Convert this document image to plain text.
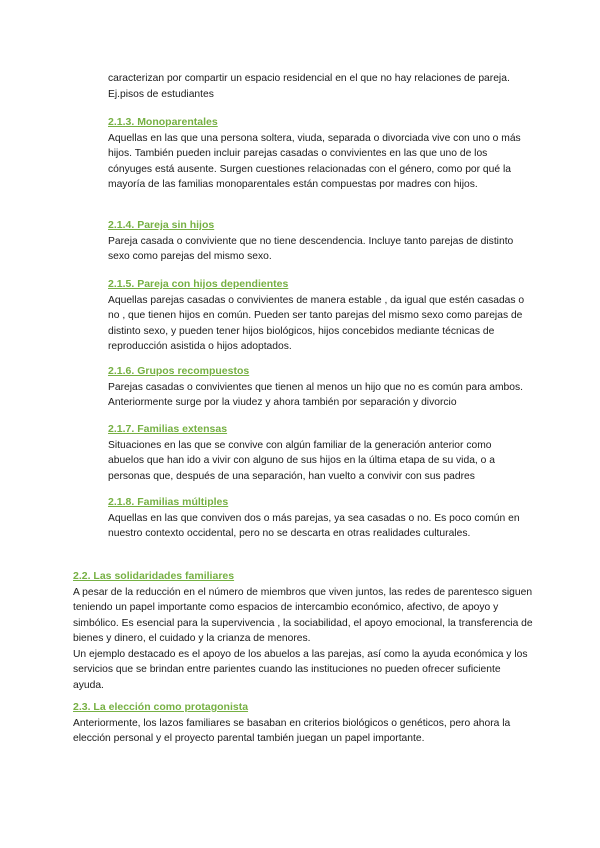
caracterizan por compartir un espacio residencial en el que no hay relaciones de pareja. Ej.pisos de estudiantes

2.1.3. Monoparentales

Aquellas en las que una persona soltera, viuda, separada o divorciada vive con uno o más hijos. También pueden incluir parejas casadas o convivientes en las que uno de los cónyuges está ausente. Surgen cuestiones relacionadas con el género, como por qué la mayoría de las familias monoparentales están compuestas por madres con hijos.

2.1.4. Pareja sin hijos

Pareja casada o conviviente que no tiene descendencia. Incluye tanto parejas de distinto sexo como parejas del mismo sexo.

2.1.5. Pareja con hijos dependientes

Aquellas parejas casadas o convivientes de manera estable , da igual que estén casadas o no , que tienen hijos en común. Pueden ser tanto parejas del mismo sexo como parejas de distinto sexo, y pueden tener hijos biológicos, hijos concebidos mediante técnicas de reproducción asistida o hijos adoptados.

2.1.6. Grupos recompuestos

Parejas casadas o convivientes que tienen al menos un hijo que no es común para ambos. Anteriormente surge por la viudez y ahora también por separación y divorcio

2.1.7. Familias extensas

Situaciones en las que se convive con algún familiar de la generación anterior como abuelos que han ido a vivir con alguno de sus hijos en la última etapa de su vida, o a personas que, después de una separación, han vuelto a convivir con sus padres

2.1.8. Familias múltiples

Aquellas en las que conviven dos o más parejas, ya sea casadas o no. Es poco común en nuestro contexto occidental, pero no se descarta en otras realidades culturales.

2.2. Las solidaridades familiares

A pesar de la reducción en el número de miembros que viven juntos, las redes de parentesco siguen teniendo un papel importante como espacios de intercambio económico, afectivo, de apoyo y simbólico. Es esencial para la supervivencia , la sociabilidad, el apoyo emocional, la transferencia de bienes y dinero, el cuidado y la crianza de menores.

Un ejemplo destacado es el apoyo de los abuelos a las parejas, así como la ayuda económica y los servicios que se brindan entre parientes cuando las instituciones no pueden ofrecer suficiente ayuda.

2.3. La elección como protagonista

Anteriormente, los lazos familiares se basaban en criterios biológicos o genéticos, pero ahora la elección personal y el proyecto parental también juegan un papel importante.
